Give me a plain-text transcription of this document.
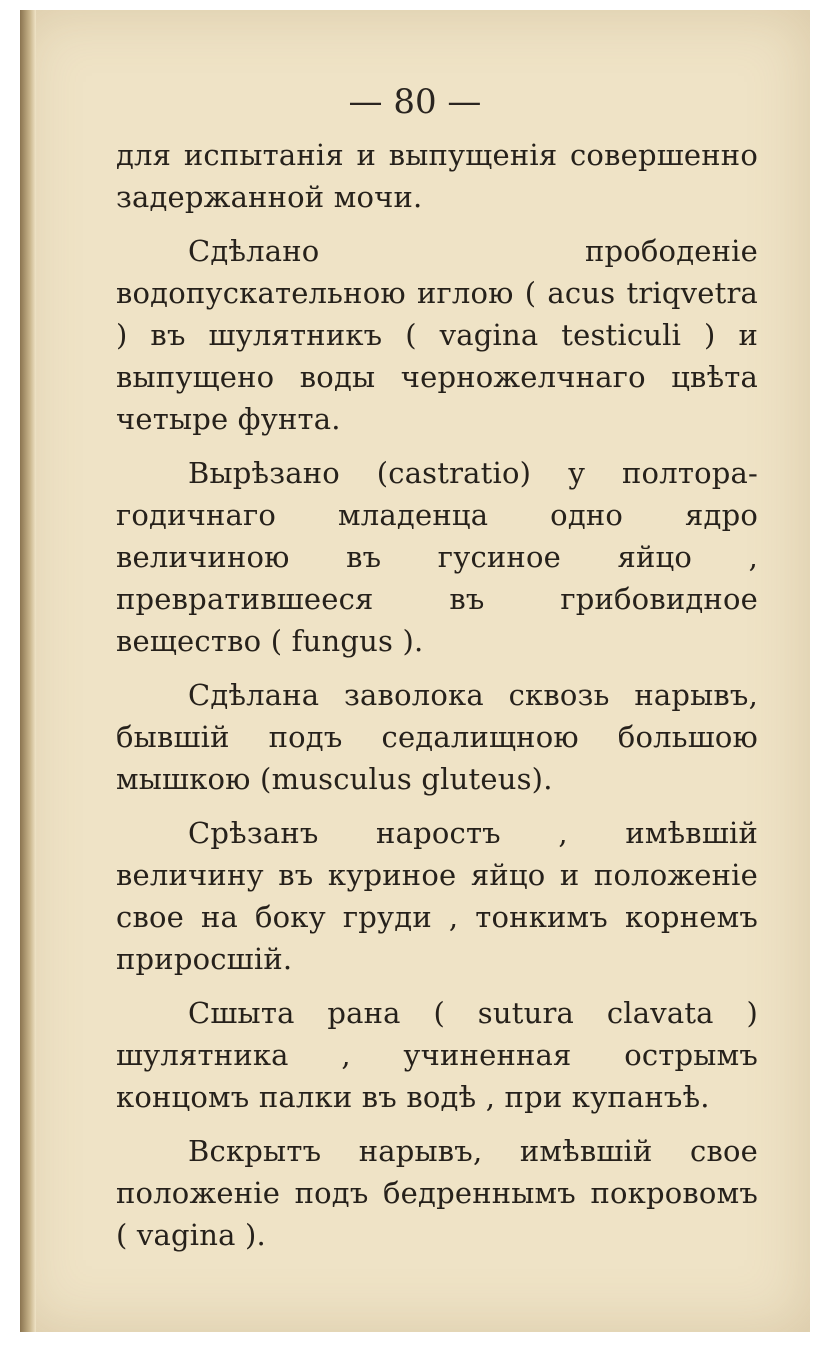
— 80 —

для испытанія и выпущенія совершенно задержанной мочи.

Сдѣлано прободеніе водопускательною иглою ( acus triqvetra ) въ шулятникъ ( vagina testiculi ) и выпущено воды черножелчнаго цвѣта четыре фунта.

Вырѣзано (castratio) у полтора-годичнаго младенца одно ядро величиною въ гусиное яйцо , превратившееся въ грибовидное вещество ( fungus ).

Сдѣлана заволока сквозь нарывъ, бывшій подъ седалищною большою мышкою (musculus gluteus).

Срѣзанъ наростъ , имѣвшій величину въ куриное яйцо и положеніе свое на боку груди , тонкимъ корнемъ приросшій.

Сшыта рана ( sutura clavata ) шулятника , учиненная острымъ концомъ палки въ водѣ , при купанъѣ.

Вскрытъ нарывъ, имѣвшій свое положеніе подъ бедреннымъ покровомъ ( vagina ).
